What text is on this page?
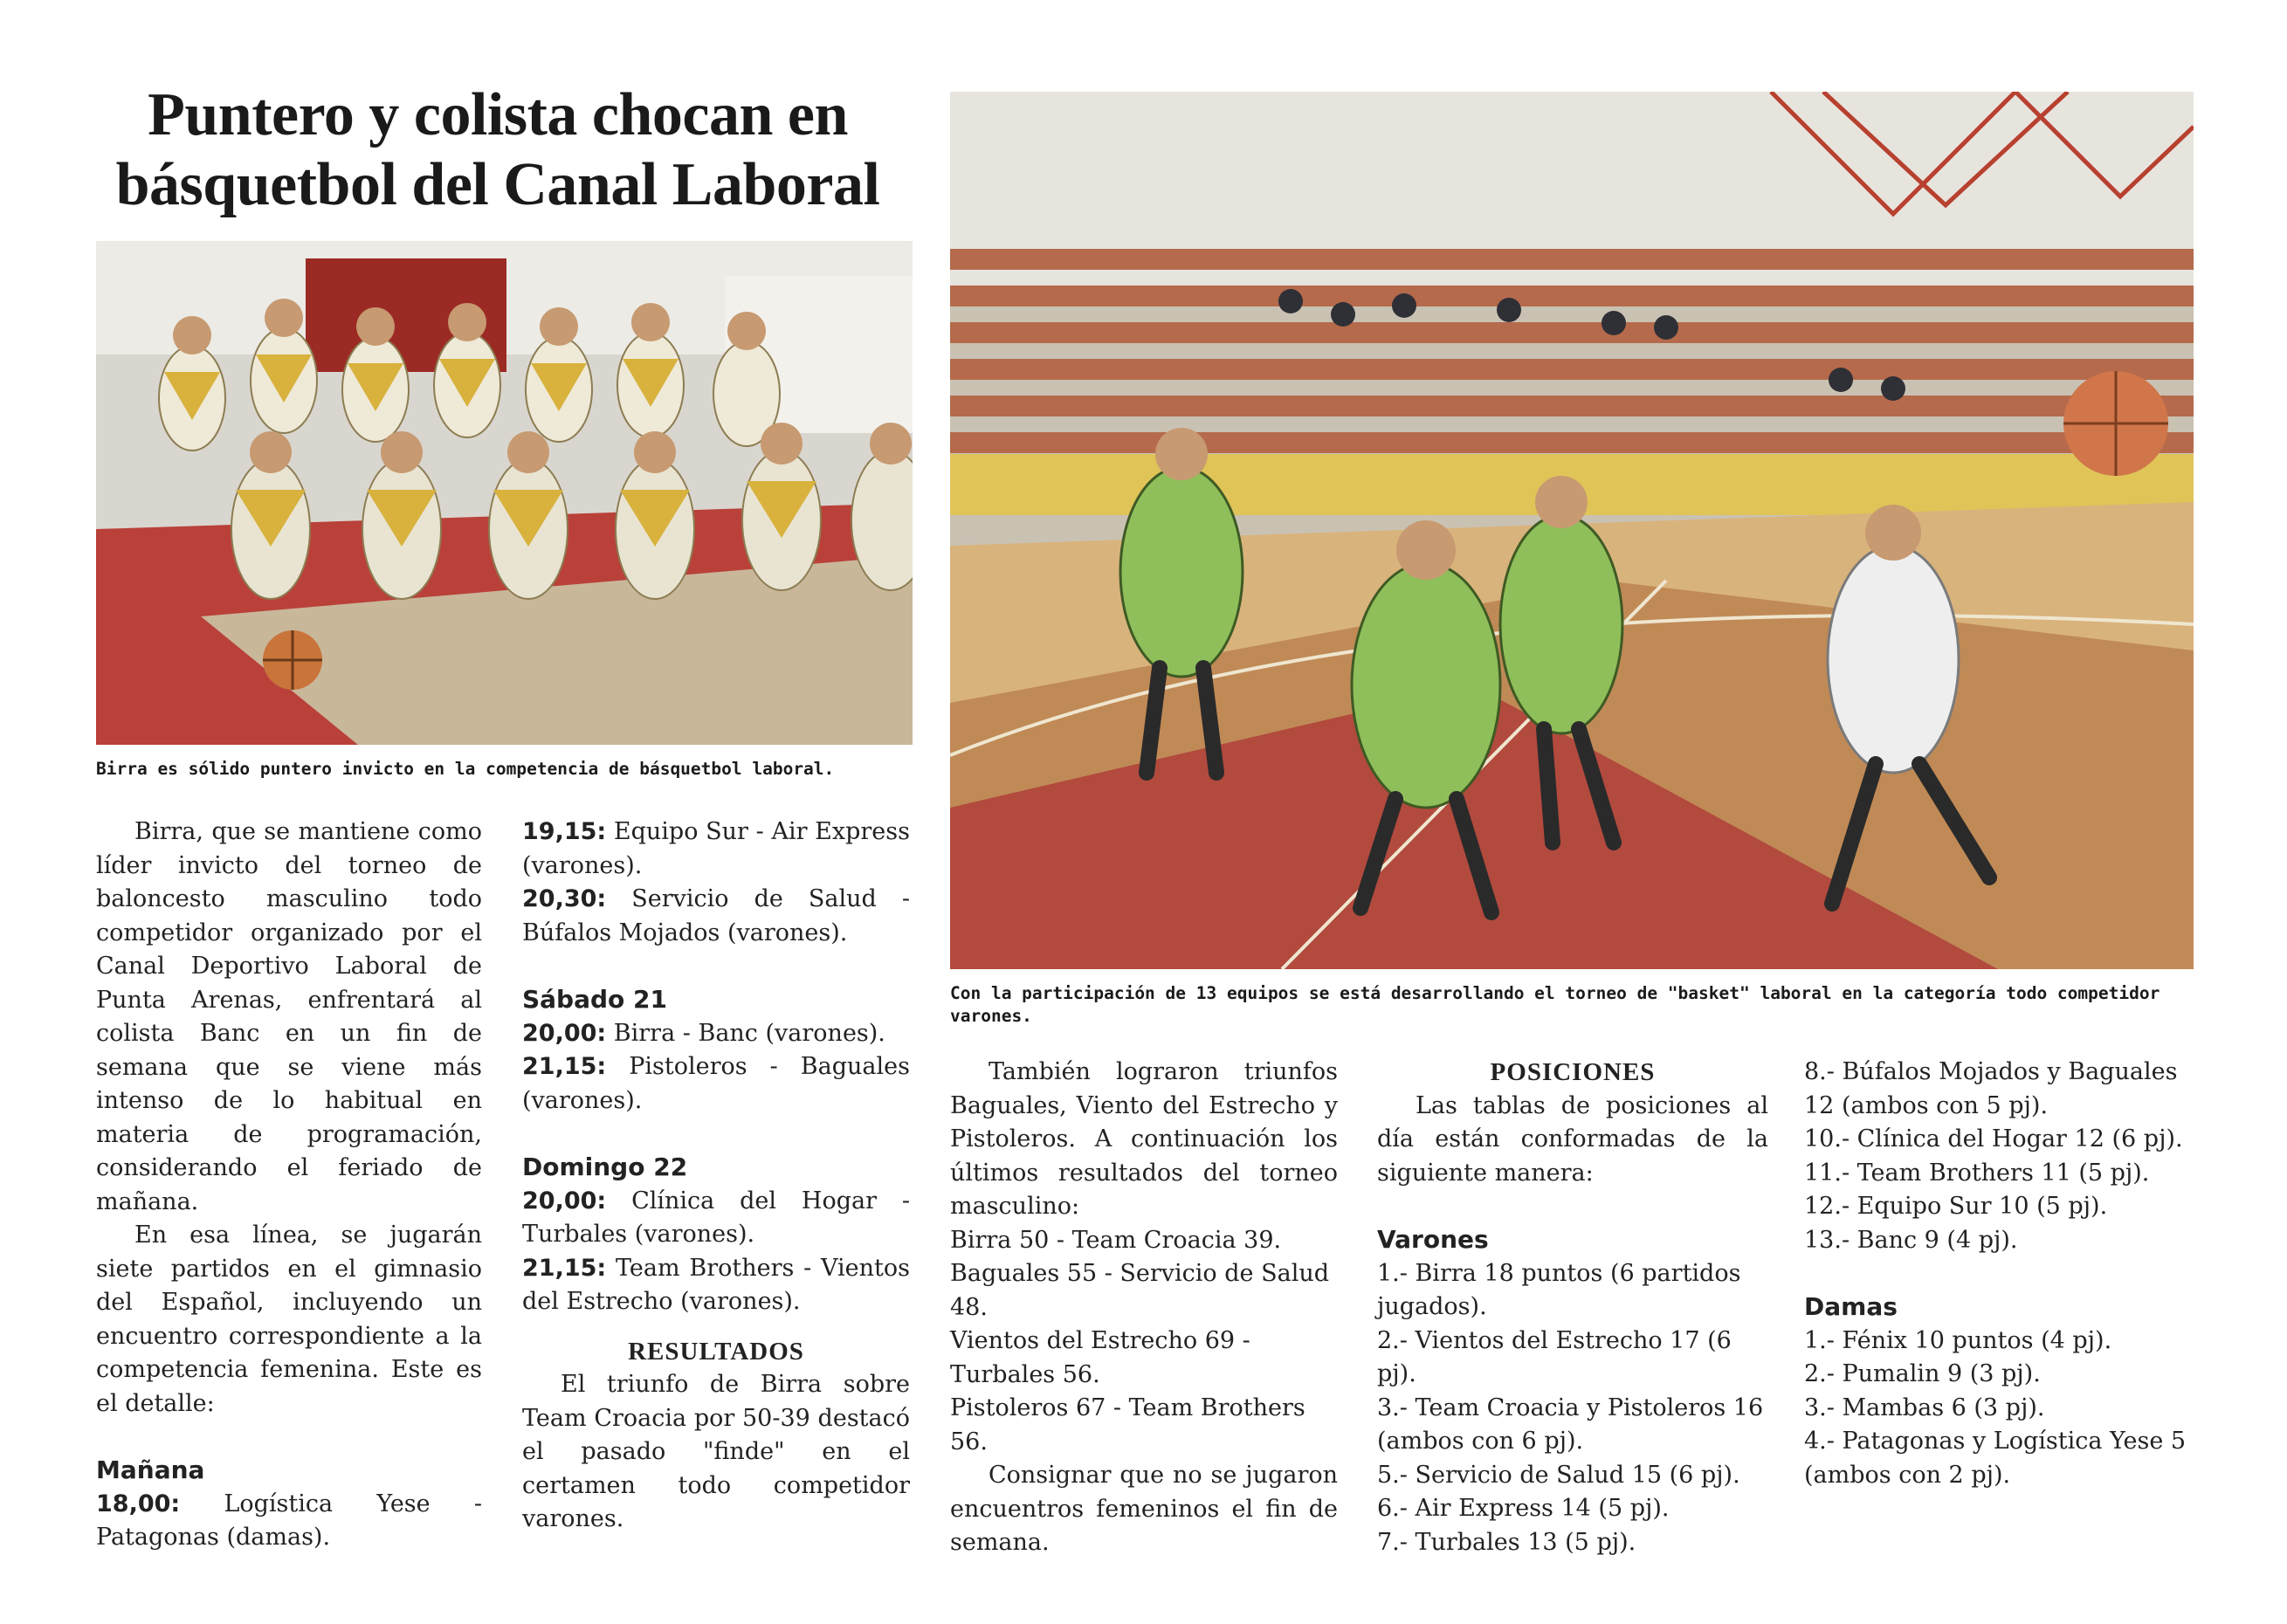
Puntero y colista chocan en
básquetbol del Canal Laboral
Birra es sólido puntero invicto en la competencia de básquetbol laboral.
Con la participación de 13 equipos se está desarrollando el torneo de "basket" laboral en la categoría todo competidor varones.

Birra, que se mantiene como líder invicto del torneo de baloncesto masculino todo competidor organizado por el Canal Deportivo Laboral de Punta Arenas, enfrentará al colista Banc en un fin de semana que se viene más intenso de lo habitual en materia de programación, considerando el feriado de mañana.

En esa línea, se jugarán siete partidos en el gimnasio del Español, incluyendo un encuentro correspondiente a la competencia femenina. Este es el detalle:

Mañana

18,00: Logística Yese - Patagonas (damas).

19,15: Equipo Sur - Air Express (varones).

20,30: Servicio de Salud - Búfalos Mojados (varones).

Sábado 21

20,00: Birra - Banc (varones).

21,15: Pistoleros - Baguales (varones).

Domingo 22

20,00: Clínica del Hogar - Turbales (varones).

21,15: Team Brothers - Vientos del Estrecho (varones).

RESULTADOS

El triunfo de Birra sobre Team Croacia por 50-39 destacó el pasado "finde" en el certamen todo competidor varones.

También lograron triunfos Baguales, Viento del Estrecho y Pistoleros. A continuación los últimos resultados del torneo masculino:

Birra 50 - Team Croacia 39.
Baguales 55 - Servicio de Salud 48.
Vientos del Estrecho 69 - Turbales 56.
Pistoleros 67 - Team Brothers 56.

Consignar que no se jugaron encuentros femeninos el fin de semana.

POSICIONES

Las tablas de posiciones al día están conformadas de la siguiente manera:

Varones
1.- Birra 18 puntos (6 partidos jugados).
2.- Vientos del Estrecho 17 (6 pj).
3.- Team Croacia y Pistoleros 16 (ambos con 6 pj).
5.- Servicio de Salud 15 (6 pj).
6.- Air Express 14 (5 pj).
7.- Turbales 13 (5 pj).
8.- Búfalos Mojados y Baguales 12 (ambos con 5 pj).
10.- Clínica del Hogar 12 (6 pj).
11.- Team Brothers 11 (5 pj).
12.- Equipo Sur 10 (5 pj).
13.- Banc 9 (4 pj).
Damas
1.- Fénix 10 puntos (4 pj).
2.- Pumalin 9 (3 pj).
3.- Mambas 6 (3 pj).
4.- Patagonas y Logística Yese 5 (ambos con 2 pj).
